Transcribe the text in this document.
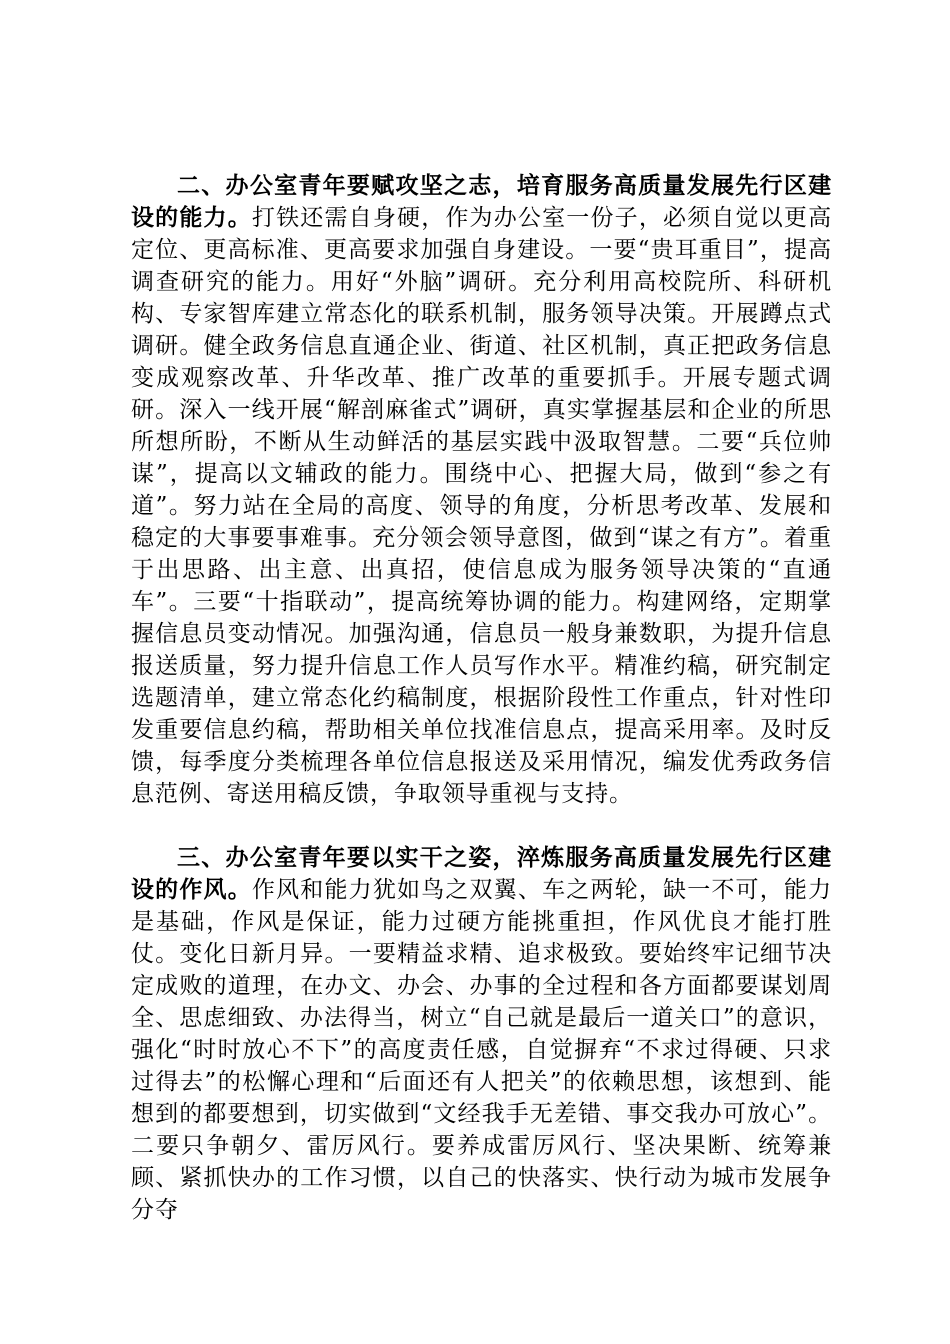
二、办公室青年要赋攻坚之志，培育服务高质量发展先行区建设的能力。打铁还需自身硬，作为办公室一份子，必须自觉以更高定位、更高标准、更高要求加强自身建设。一要“贵耳重目”，提高调查研究的能力。用好“外脑”调研。充分利用高校院所、科研机构、专家智库建立常态化的联系机制，服务领导决策。开展蹲点式调研。健全政务信息直通企业、街道、社区机制，真正把政务信息变成观察改革、升华改革、推广改革的重要抓手。开展专题式调研。深入一线开展“解剖麻雀式”调研，真实掌握基层和企业的所思所想所盼，不断从生动鲜活的基层实践中汲取智慧。二要“兵位帅谋”，提高以文辅政的能力。围绕中心、把握大局，做到“参之有道”。努力站在全局的高度、领导的角度，分析思考改革、发展和稳定的大事要事难事。充分领会领导意图，做到“谋之有方”。着重于出思路、出主意、出真招，使信息成为服务领导决策的“直通车”。三要“十指联动”，提高统筹协调的能力。构建网络，定期掌握信息员变动情况。加强沟通，信息员一般身兼数职，为提升信息报送质量，努力提升信息工作人员写作水平。精准约稿，研究制定选题清单，建立常态化约稿制度，根据阶段性工作重点，针对性印发重要信息约稿，帮助相关单位找准信息点，提高采用率。及时反馈，每季度分类梳理各单位信息报送及采用情况，编发优秀政务信息范例、寄送用稿反馈，争取领导重视与支持。

三、办公室青年要以实干之姿，淬炼服务高质量发展先行区建设的作风。作风和能力犹如鸟之双翼、车之两轮，缺一不可，能力是基础，作风是保证，能力过硬方能挑重担，作风优良才能打胜仗。变化日新月异。一要精益求精、追求极致。要始终牢记细节决定成败的道理，在办文、办会、办事的全过程和各方面都要谋划周全、思虑细致、办法得当，树立“自己就是最后一道关口”的意识，强化“时时放心不下”的高度责任感，自觉摒弃“不求过得硬、只求过得去”的松懈心理和“后面还有人把关”的依赖思想，该想到、能想到的都要想到，切实做到“文经我手无差错、事交我办可放心”。二要只争朝夕、雷厉风行。要养成雷厉风行、坚决果断、统筹兼顾、紧抓快办的工作习惯，以自己的快落实、快行动为城市发展争分夺
